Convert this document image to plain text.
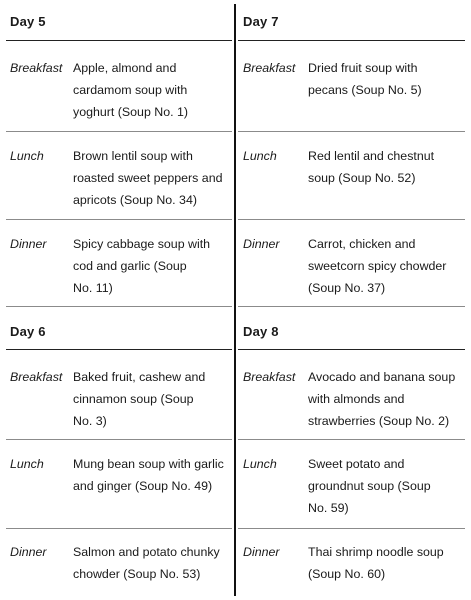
Day 5
Breakfast Apple, almond and
cardamom soup with
yoghurt (Soup No. 1)
Lunch Brown lentil soup with
roasted sweet peppers and
apricots (Soup No. 34)
Dinner Spicy cabbage soup with
cod and garlic (Soup
No. 11)
Day 7
Breakfast Dried fruit soup with
pecans (Soup No. 5)
Lunch	Red lentil and chestnut
soup (Soup No. 52)
Dinner Carrot, chicken and
sweetcorn spicy chowder
(Soup No. 37)
Day 6
Breakfast Baked fruit, cashew and
cinnamon soup (Soup
No. 3)
Lunch Mung bean soup with garlic
and ginger (Soup No. 49)
Dinner Salmon and potato chunky
chowder (Soup No. 53)
Day 8
Breakfast Avocado and banana soup
with almonds and
strawberries (Soup No. 2)
Lunch	Sweet potato and
groundnut soup (Soup
No. 59)
Dinner Thai shrimp noodle soup
(Soup No. 60)
